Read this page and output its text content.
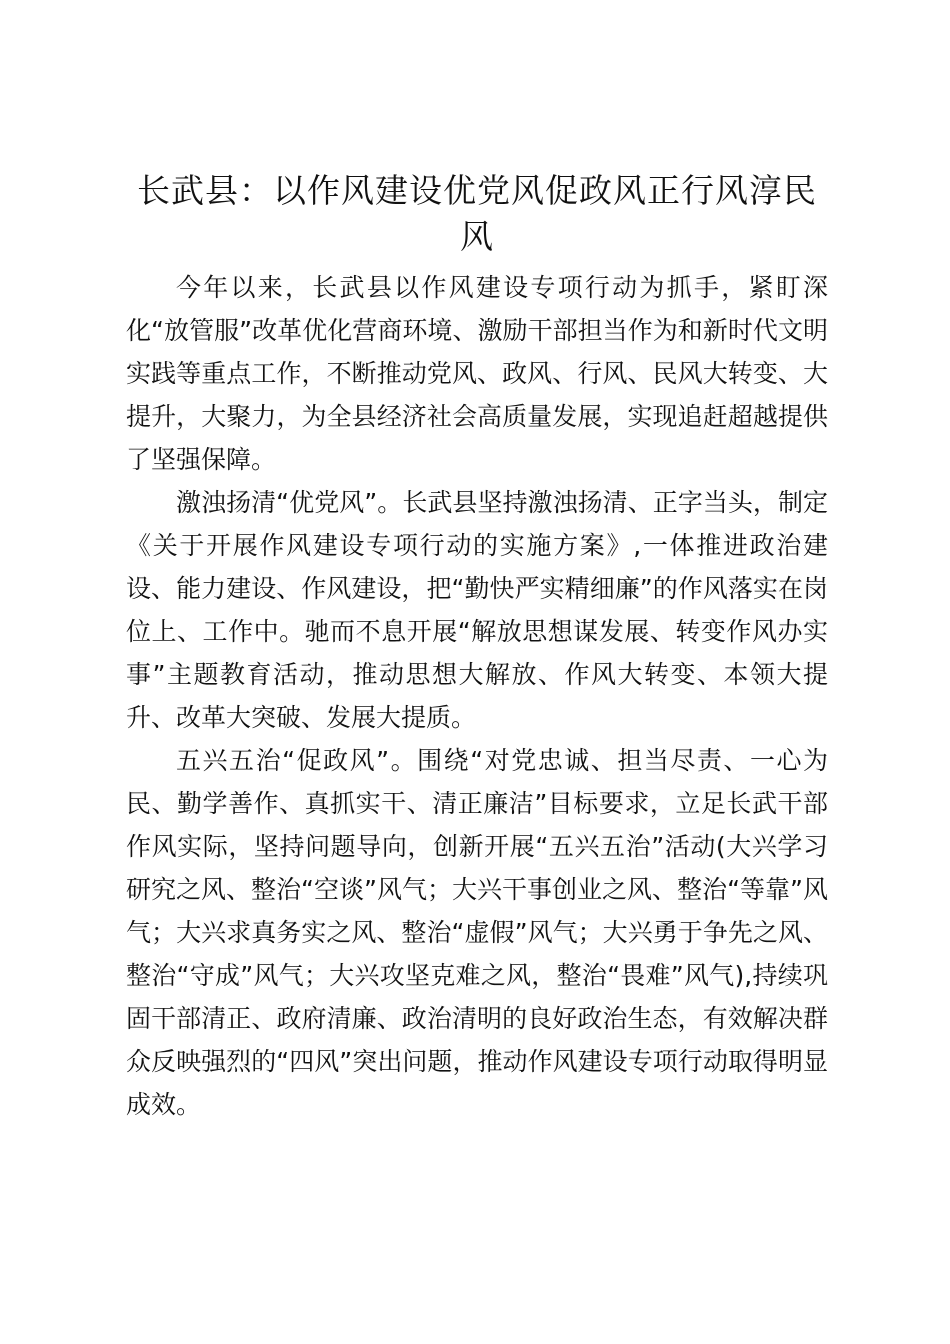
长武县：以作风建设优党风促政风正行风淳民风

今年以来，长武县以作风建设专项行动为抓手，紧盯深化“放管服”改革优化营商环境、激励干部担当作为和新时代文明实践等重点工作，不断推动党风、政风、行风、民风大转变、大提升，大聚力，为全县经济社会高质量发展，实现追赶超越提供了坚强保障。

激浊扬清“优党风”。长武县坚持激浊扬清、正字当头，制定《关于开展作风建设专项行动的实施方案》,一体推进政治建设、能力建设、作风建设，把“勤快严实精细廉”的作风落实在岗位上、工作中。驰而不息开展“解放思想谋发展、转变作风办实事”主题教育活动，推动思想大解放、作风大转变、本领大提升、改革大突破、发展大提质。

五兴五治“促政风”。围绕“对党忠诚、担当尽责、一心为民、勤学善作、真抓实干、清正廉洁”目标要求，立足长武干部作风实际，坚持问题导向，创新开展“五兴五治”活动(大兴学习研究之风、整治“空谈”风气；大兴干事创业之风、整治“等靠”风气；大兴求真务实之风、整治“虚假”风气；大兴勇于争先之风、整治“守成”风气；大兴攻坚克难之风，整治“畏难”风气),持续巩固干部清正、政府清廉、政治清明的良好政治生态，有效解决群众反映强烈的“四风”突出问题，推动作风建设专项行动取得明显成效。
